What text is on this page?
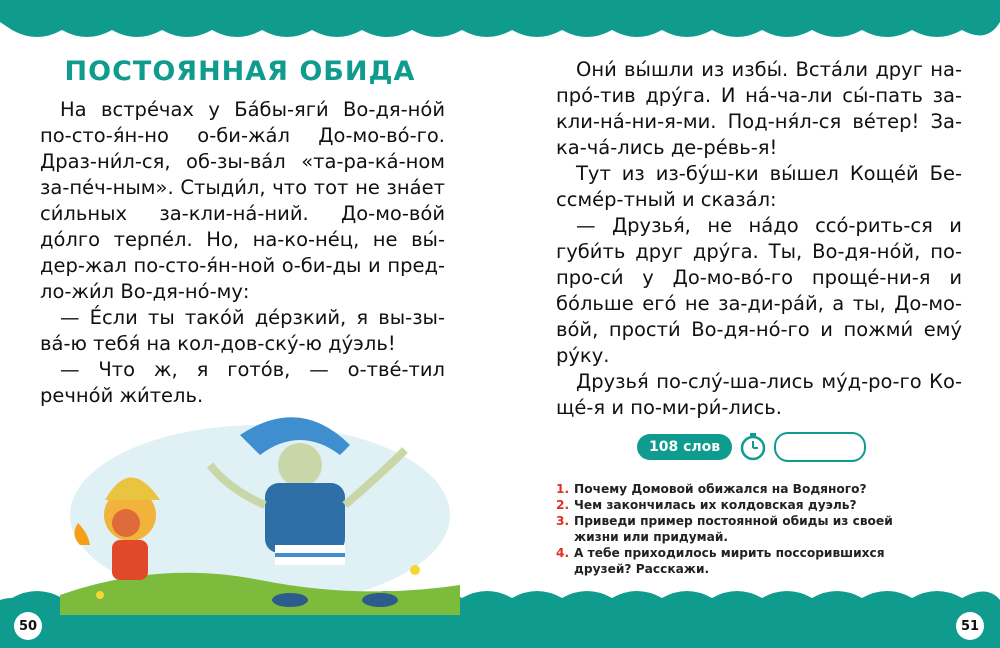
50	51
ПОСТОЯННАЯ ОБИДА

На встре́чах у Ба́бы-яги́ Во-дя-но́й по-сто-я́н-но о-би-жа́л До-мо-во́-го. Драз-ни́л-ся, об-зы-ва́л «та-ра-ка́-ном за-пе́ч-ным». Стыди́л, что тот не зна́ет си́льных за-кли-на́-ний. До-мо-во́й до́лго терпе́л. Но, на-ко-не́ц, не вы́-дер-жал по-сто-я́н-ной о-би-ды и пред-ло-жи́л Во-дя-но́-му:

— Е́сли ты тако́й де́рзкий, я вы-зы-ва́-ю тебя́ на кол-дов-ску́-ю ду́эль!

— Что ж, я гото́в, — о-тве́-тил речно́й жи́тель.

Они́ вы́шли из избы́. Вста́ли друг на-про́-тив дру́га. И на́-ча-ли сы́-пать за-кли-на́-ни-я-ми. Под-ня́л-ся ве́тер! За-ка-ча́-лись де-ре́вь-я!

Тут из из-бу́ш-ки вы́шел Коще́й Бе-ссме́р-тный и сказа́л:

— Друзья́, не на́до ссо́-рить-ся и губи́ть друг дру́га. Ты, Во-дя-но́й, по-про-си́ у До-мо-во́-го проще́-ни-я и бо́льше его́ не за-ди-ра́й, а ты, До-мо-во́й, прости́ Во-дя-но́-го и пожми́ ему́ ру́ку.

Друзья́ по-слу́-ша-лись му́д-ро-го Ко-ще́-я и по-ми-ри́-лись.

108 слов
1. Почему Домовой обижался на Водяного?
2. Чем закончилась их колдовская дуэль?
3. Приведи пример постоянной обиды из своей жизни или придумай.
4. А тебе приходилось мирить поссорившихся друзей? Расскажи.
